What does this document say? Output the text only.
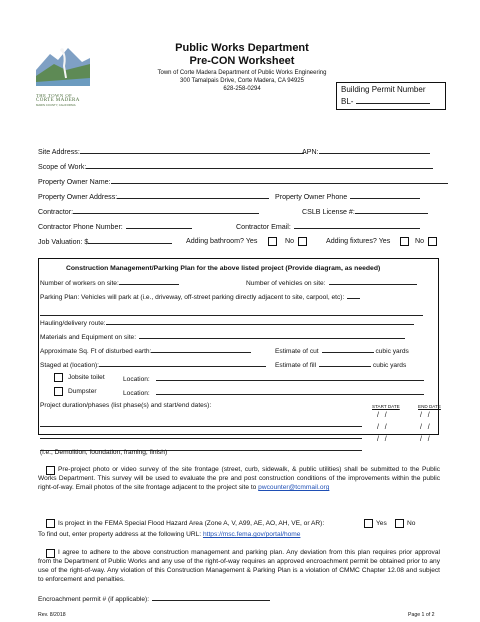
THE TOWN OF
CORTE MADERA
MARIN COUNTY, CALIFORNIA
Public Works Department
Pre-CON Worksheet
Town of Corte Madera Department of Public Works Engineering
300 Tamalpais Drive, Corte Madera, CA 94925
628-258-0294	Building Permit Number
BL-
Site Address:	APN:
Scope of Work:
Property Owner Name:
Property Owner Address:	Property Owner Phone
Contractor:	CSLB License #:
Contractor Phone Number:	Contractor Email:
Job Valuation: $	Adding bathroom? Yes	No	Adding fixtures? Yes	No
Construction Management/Parking Plan for the above listed project (Provide diagram, as needed)
Number of workers on site:	Number of vehicles on site:
Parking Plan: Vehicles will park at (i.e., driveway, off-street parking directly adjacent to site, carpool, etc):
Hauling/delivery route:
Materials and Equipment on site:
Approximate Sq. Ft of disturbed earth:	Estimate of cut	cubic yards
Staged at (location):	Estimate of fill	cubic yards
Jobsite toilet	Location:
Dumpster	Location:
Project duration/phases (list phase(s) and start/end dates):	START DATE	END DATE
/   /	/   /
/   /	/   /
/   /	/   /
(i.e., Demolition, foundation, framing, finish)
Pre-project photo or video survey of the site frontage (street, curb, sidewalk, & public utilities) shall be submitted to the Public Works Department. This survey will be used to evaluate the pre and post construction conditions of the improvements within the public right-of-way. Email photos of the site frontage adjacent to the project site to pwcounter@tcmmail.org
Is project in the FEMA Special Flood Hazard Area (Zone A, V, A99, AE, AO, AH, VE, or AR):	Yes	No
To find out, enter property address at the following URL: https://msc.fema.gov/portal/home
I agree to adhere to the above construction management and parking plan. Any deviation from this plan requires prior approval from the Department of Public Works and any use of the right-of-way requires an approved encroachment permit be obtained prior to any use of the right-of-way. Any violation of this Construction Management & Parking Plan is a violation of CMMC Chapter 12.08 and subject to enforcement and penalties.
Encroachment permit # (if applicable):
Rev. 8/2018	Page 1 of 2
